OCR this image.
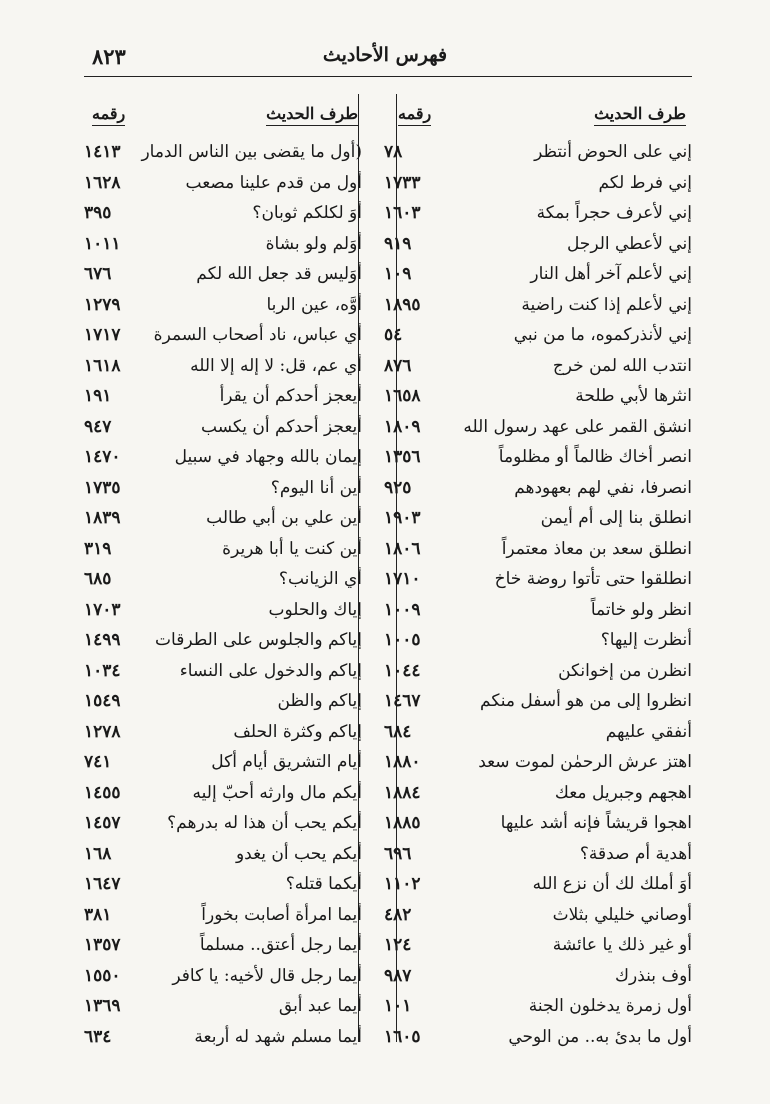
٨٢٣	فهرس الأحاديث
طرف الحديث
رقمه
طرف الحديث
رقمه
إني على الحوض أنتظر
٧٨
(أول ما يقضى بين الناس الدمار
١٤١٣
إني فرط لكم
١٧٣٣
أول من قدم علينا مصعب
١٦٢٨
إني لأعرف حجراً بمكة
١٦٠٣
أوَ لكلكم ثوبان؟
٣٩٥
إني لأعطي الرجل
٩١٩
أوَلم ولو بشاة
١٠١١
إني لأعلم آخر أهل النار
١٠٩
أوَليس قد جعل الله لكم
٦٧٦
إني لأعلم إذا كنت راضية
١٨٩٥
أوَّه، عين الربا
١٢٧٩
إني لأنذركموه، ما من نبي
٥٤
أي عباس، ناد أصحاب السمرة
١٧١٧
انتدب الله لمن خرج
٨٧٦
أي عم، قل: لا إله إلا الله
١٦١٨
انثرها لأبي طلحة
١٦٥٨
أيعجز أحدكم أن يقرأ
١٩١
انشق القمر على عهد رسول الله
١٨٠٩
أيعجز أحدكم أن يكسب
٩٤٧
انصر أخاك ظالماً أو مظلوماً
١٣٥٦
إيمان بالله وجهاد في سبيل
١٤٧٠
انصرفا، نفي لهم بعهودهم
٩٢٥
أين أنا اليوم؟
١٧٣٥
انطلق بنا إلى أم أيمن
١٩٠٣
أين علي بن أبي طالب
١٨٣٩
انطلق سعد بن معاذ معتمراً
١٨٠٦
أين كنت يا أبا هريرة
٣١٩
انطلقوا حتى تأتوا روضة خاخ
١٧١٠
أي الزيانب؟
٦٨٥
انظر ولو خاتماً
١٠٠٩
إياك والحلوب
١٧٠٣
أنظرت إليها؟
١٠٠٥
إياكم والجلوس على الطرقات
١٤٩٩
انظرن من إخوانكن
١٠٤٤
إياكم والدخول على النساء
١٠٣٤
انظروا إلى من هو أسفل منكم
١٤٦٧
إياكم والظن
١٥٤٩
أنفقي عليهم
٦٨٤
إياكم وكثرة الحلف
١٢٧٨
اهتز عرش الرحمٰن لموت سعد
١٨٨٠
أيام التشريق أيام أكل
٧٤١
اهجهم وجبريل معك
١٨٨٤
أيكم مال وارثه أحبّ إليه
١٤٥٥
اهجوا قريشاً فإنه أشد عليها
١٨٨٥
أيكم يحب أن هذا له بدرهم؟
١٤٥٧
أهدية أم صدقة؟
٦٩٦
أيكم يحب أن يغدو
١٦٨
أوَ أملك لك أن نزع الله
١١٠٢
أيكما قتله؟
١٦٤٧
أوصاني خليلي بثلاث
٤٨٢
أيما امرأة أصابت بخوراً
٣٨١
أو غير ذلك يا عائشة
١٢٤
أيما رجل أعتق.. مسلماً
١٣٥٧
أوف بنذرك
٩٨٧
أيما رجل قال لأخيه: يا كافر
١٥٥٠
أول زمرة يدخلون الجنة
١٠١
أيما عبد أبق
١٣٦٩
أول ما بدئ به.. من الوحي
١٦٠٥
أيما مسلم شهد له أربعة
٦٣٤
